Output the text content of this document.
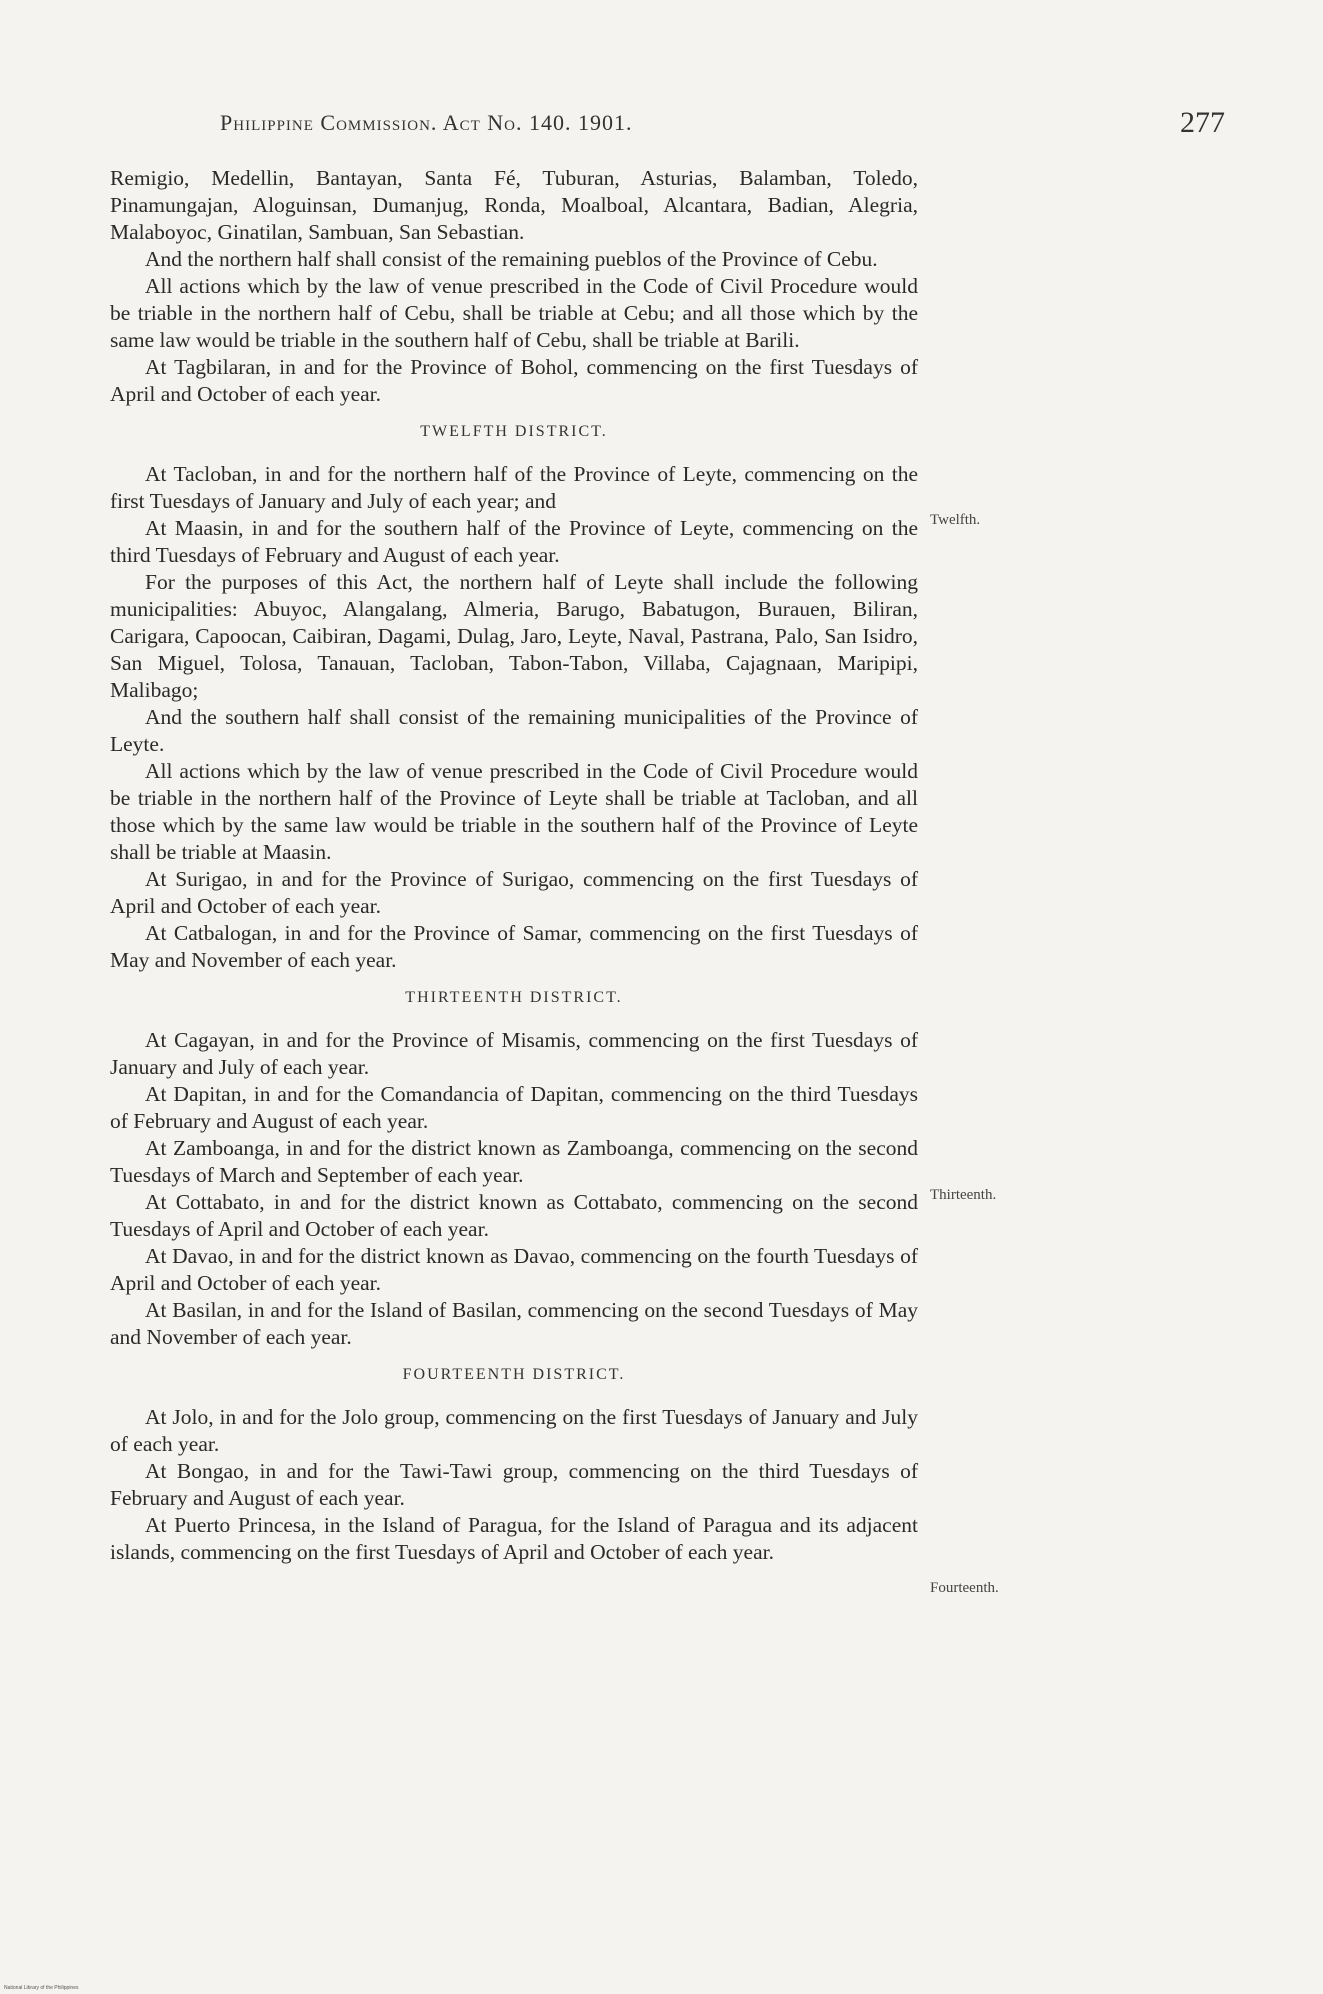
Philippine Commission. Act No. 140. 1901.	277

Remigio, Medellin, Bantayan, Santa Fé, Tuburan, Asturias, Balamban, Toledo, Pinamungajan, Aloguinsan, Dumanjug, Ronda, Moalboal, Alcantara, Badian, Alegria, Malaboyoc, Ginatilan, Sambuan, San Sebastian.

And the northern half shall consist of the remaining pueblos of the Province of Cebu.

All actions which by the law of venue prescribed in the Code of Civil Procedure would be triable in the northern half of Cebu, shall be triable at Cebu; and all those which by the same law would be triable in the southern half of Cebu, shall be triable at Barili.

At Tagbilaran, in and for the Province of Bohol, commencing on the first Tuesdays of April and October of each year.

TWELFTH DISTRICT.

At Tacloban, in and for the northern half of the Province of Leyte, commencing on the first Tuesdays of January and July of each year; and

At Maasin, in and for the southern half of the Province of Leyte, commencing on the third Tuesdays of February and August of each year.

For the purposes of this Act, the northern half of Leyte shall include the following municipalities: Abuyoc, Alangalang, Almeria, Barugo, Babatugon, Burauen, Biliran, Carigara, Capoocan, Caibiran, Dagami, Dulag, Jaro, Leyte, Naval, Pastrana, Palo, San Isidro, San Miguel, Tolosa, Tanauan, Tacloban, Tabon-Tabon, Villaba, Cajagnaan, Maripipi, Malibago;

And the southern half shall consist of the remaining municipalities of the Province of Leyte.

All actions which by the law of venue prescribed in the Code of Civil Procedure would be triable in the northern half of the Province of Leyte shall be triable at Tacloban, and all those which by the same law would be triable in the southern half of the Province of Leyte shall be triable at Maasin.

At Surigao, in and for the Province of Surigao, commencing on the first Tuesdays of April and October of each year.

At Catbalogan, in and for the Province of Samar, commencing on the first Tuesdays of May and November of each year.

THIRTEENTH DISTRICT.

At Cagayan, in and for the Province of Misamis, commencing on the first Tuesdays of January and July of each year.

At Dapitan, in and for the Comandancia of Dapitan, commencing on the third Tuesdays of February and August of each year.

At Zamboanga, in and for the district known as Zamboanga, commencing on the second Tuesdays of March and September of each year.

At Cottabato, in and for the district known as Cottabato, commencing on the second Tuesdays of April and October of each year.

At Davao, in and for the district known as Davao, commencing on the fourth Tuesdays of April and October of each year.

At Basilan, in and for the Island of Basilan, commencing on the second Tuesdays of May and November of each year.

FOURTEENTH DISTRICT.

At Jolo, in and for the Jolo group, commencing on the first Tuesdays of January and July of each year.

At Bongao, in and for the Tawi-Tawi group, commencing on the third Tuesdays of February and August of each year.

At Puerto Princesa, in the Island of Paragua, for the Island of Paragua and its adjacent islands, commencing on the first Tuesdays of April and October of each year.

Twelfth.
Thirteenth.
Fourteenth.
National Library of the Philippines
